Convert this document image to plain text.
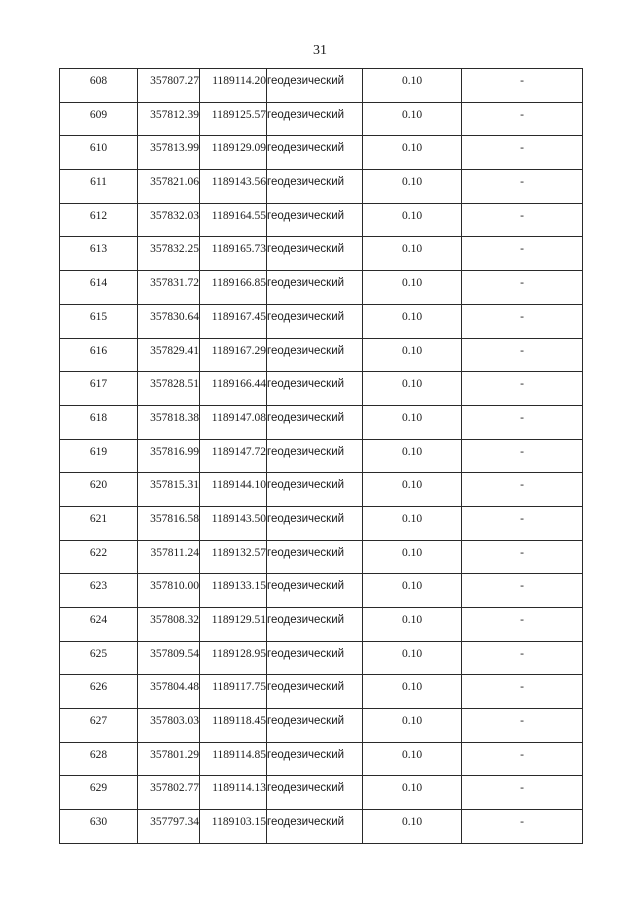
31
608	357807.27	1189114.20	геодезический	0.10	-
609	357812.39	1189125.57	геодезический	0.10	-
610	357813.99	1189129.09	геодезический	0.10	-
611	357821.06	1189143.56	геодезический	0.10	-
612	357832.03	1189164.55	геодезический	0.10	-
613	357832.25	1189165.73	геодезический	0.10	-
614	357831.72	1189166.85	геодезический	0.10	-
615	357830.64	1189167.45	геодезический	0.10	-
616	357829.41	1189167.29	геодезический	0.10	-
617	357828.51	1189166.44	геодезический	0.10	-
618	357818.38	1189147.08	геодезический	0.10	-
619	357816.99	1189147.72	геодезический	0.10	-
620	357815.31	1189144.10	геодезический	0.10	-
621	357816.58	1189143.50	геодезический	0.10	-
622	357811.24	1189132.57	геодезический	0.10	-
623	357810.00	1189133.15	геодезический	0.10	-
624	357808.32	1189129.51	геодезический	0.10	-
625	357809.54	1189128.95	геодезический	0.10	-
626	357804.48	1189117.75	геодезический	0.10	-
627	357803.03	1189118.45	геодезический	0.10	-
628	357801.29	1189114.85	геодезический	0.10	-
629	357802.77	1189114.13	геодезический	0.10	-
630	357797.34	1189103.15	геодезический	0.10	-
